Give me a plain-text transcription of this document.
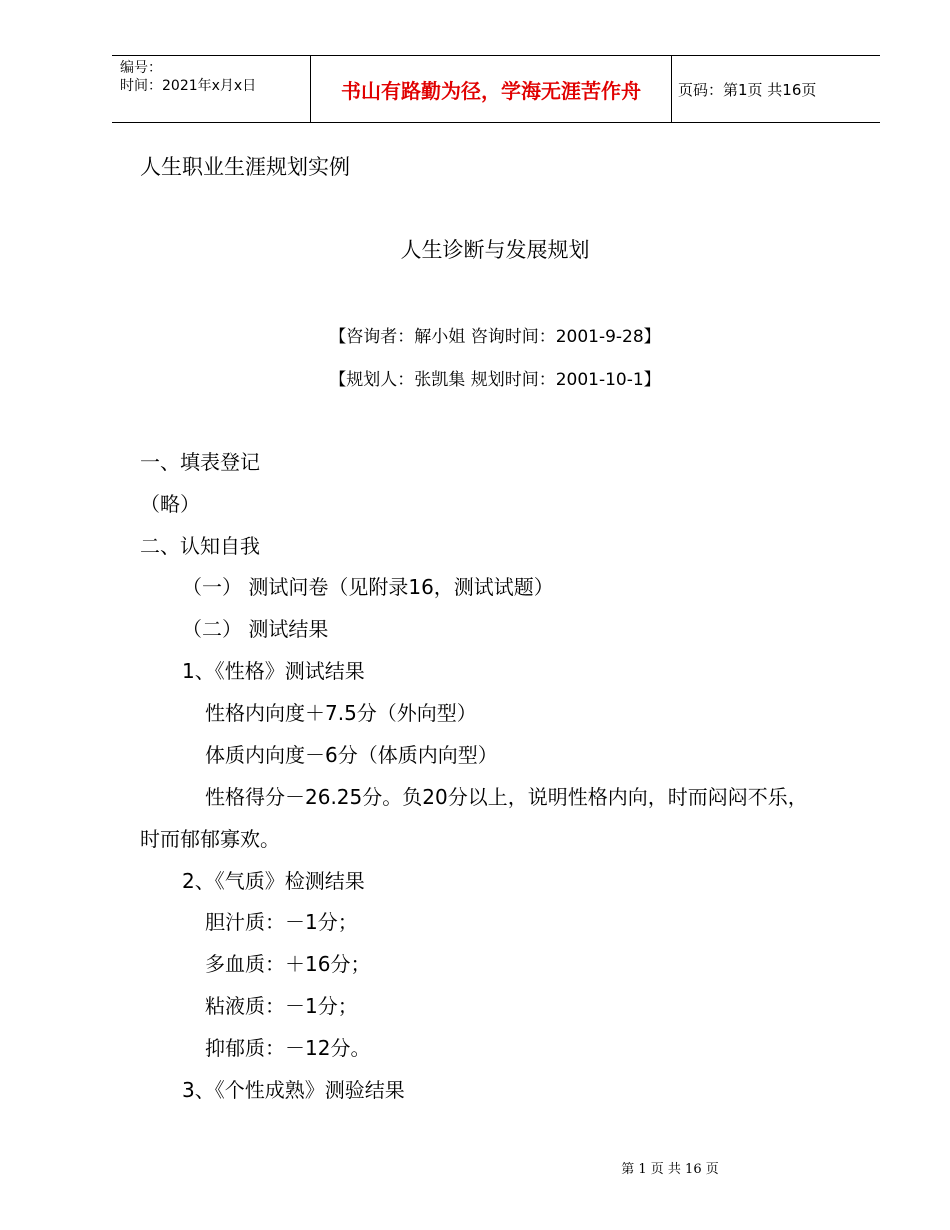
编号：
时间：2021年x月x日	书山有路勤为径，学海无涯苦作舟	页码：第1页 共16页
人生职业生涯规划实例
人生诊断与发展规划
【咨询者：解小姐 咨询时间：2001-9-28】
【规划人：张凯集 规划时间：2001-10-1】
一、填表登记
（略）
二、认知自我
（一） 测试问卷（见附录16，测试试题）
（二） 测试结果
1、《性格》测试结果
性格内向度＋7.5分（外向型）
体质内向度－6分（体质内向型）
性格得分－26.25分。负20分以上，说明性格内向，时而闷闷不乐，
时而郁郁寡欢。
2、《气质》检测结果
胆汁质：－1分；
多血质：＋16分；
粘液质：－1分；
抑郁质：－12分。
3、《个性成熟》测验结果
第 1 页 共 16 页
